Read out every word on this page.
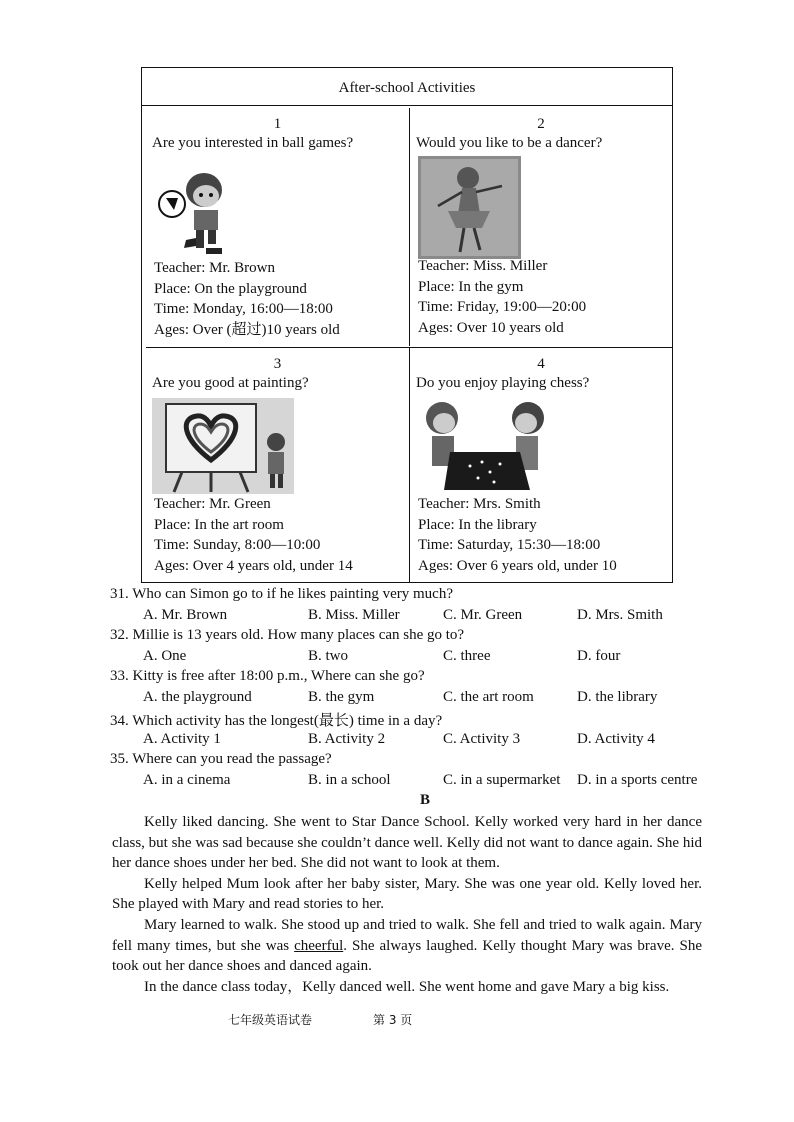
After-school Activities
1
Are you interested in ball games?
Teacher: Mr. Brown
Place: On the playground
Time: Monday, 16:00—18:00
Ages: Over (超过)10 years old
2
Would you like to be a dancer?
Teacher: Miss. Miller
Place: In the gym
Time: Friday, 19:00—20:00
Ages: Over 10 years old
3
Are you good at painting?
Teacher: Mr. Green
Place: In the art room
Time: Sunday, 8:00—10:00
Ages: Over 4 years old, under 14
4
Do you enjoy playing chess?
Teacher: Mrs. Smith
Place: In the library
Time: Saturday, 15:30—18:00
Ages: Over 6 years old, under 10
31. Who can Simon go to if he likes painting very much?
A. Mr. Brown	B. Miss. Miller	C. Mr. Green	D. Mrs. Smith
32. Millie is 13 years old. How many places can she go to?
A. One	B. two	C. three	D. four
33. Kitty is free after 18:00 p.m., Where can she go?
A. the playground	B. the gym	C. the art room	D. the library
34. Which activity has the longest(最长) time in a day?
A. Activity 1	B. Activity 2	C. Activity 3	D. Activity 4
35. Where can you read the passage?
A. in a cinema	B. in a school	C. in a supermarket D. in a sports centre
B

Kelly liked dancing. She went to Star Dance School. Kelly worked very hard in her dance class, but she was sad because she couldn’t dance well. Kelly did not want to dance again. She hid her dance shoes under her bed. She did not want to look at them.

Kelly helped Mum look after her baby sister, Mary. She was one year old. Kelly loved her. She played with Mary and read stories to her.

Mary learned to walk. She stood up and tried to walk. She fell and tried to walk again. Mary fell many times, but she was cheerful. She always laughed. Kelly thought Mary was brave. She took out her dance shoes and danced again.

In the dance class today，Kelly danced well. She went home and gave Mary a big kiss.

七年级英语试卷	第 3 页
